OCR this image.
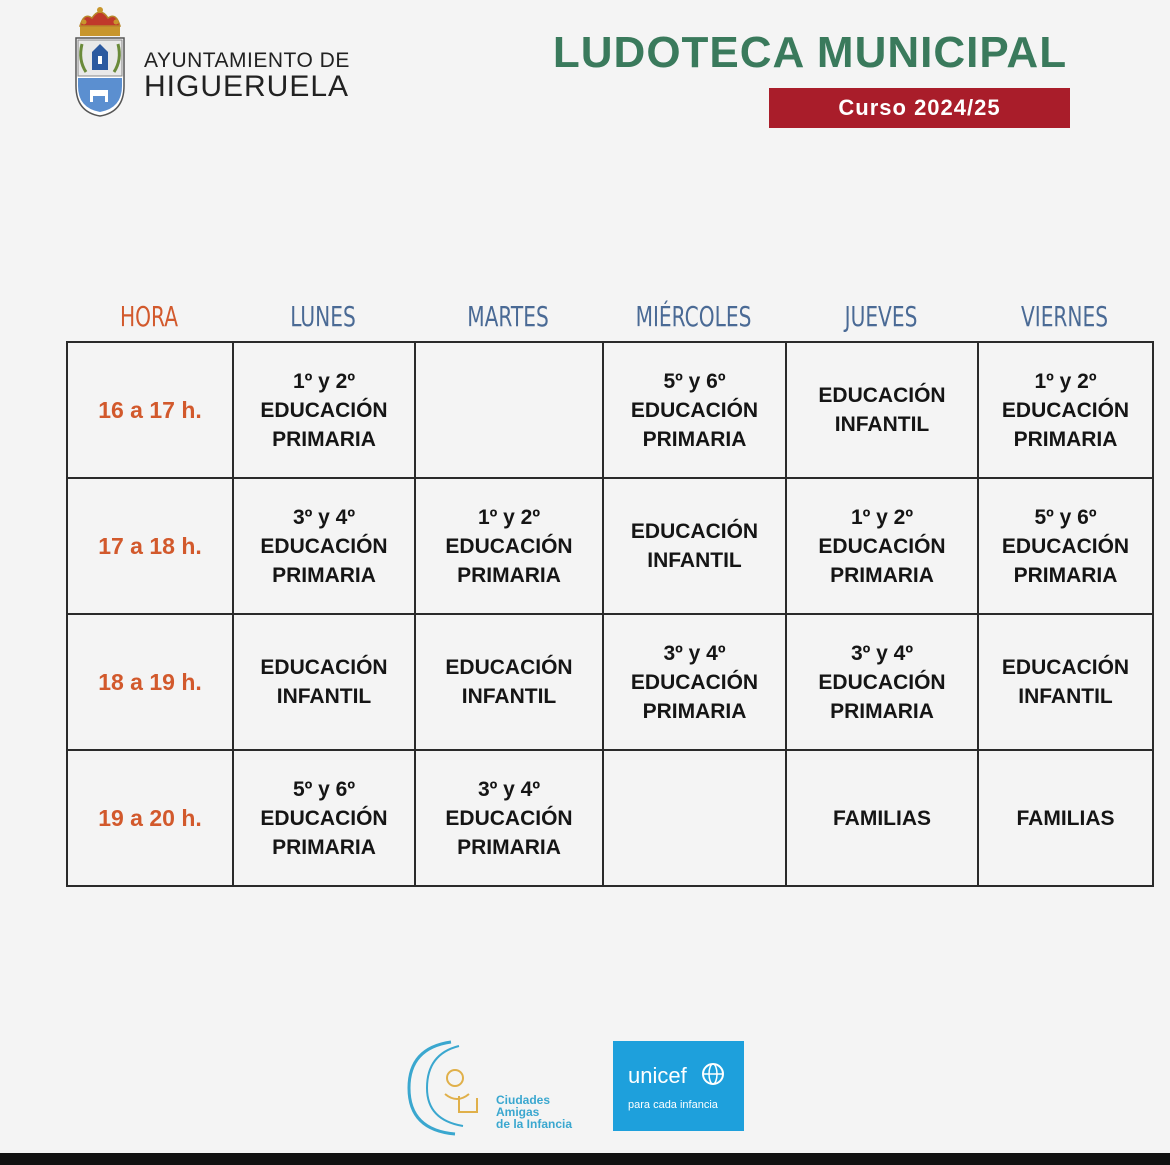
AYUNTAMIENTO DE
HIGUERUELA
LUDOTECA MUNICIPAL
Curso 2024/25
HORA	LUNES	MARTES	MIÉRCOLES	JUEVES	VIERNES
16 a 17 h.	1º y 2º
EDUCACIÓN
PRIMARIA		5º y 6º
EDUCACIÓN
PRIMARIA	EDUCACIÓN
INFANTIL	1º y 2º
EDUCACIÓN
PRIMARIA

17 a 18 h.	3º y 4º
EDUCACIÓN
PRIMARIA	1º y 2º
EDUCACIÓN
PRIMARIA	EDUCACIÓN
INFANTIL	1º y 2º
EDUCACIÓN
PRIMARIA	5º y 6º
EDUCACIÓN
PRIMARIA

18 a 19 h.	EDUCACIÓN
INFANTIL	EDUCACIÓN
INFANTIL	3º y 4º
EDUCACIÓN
PRIMARIA	3º y 4º
EDUCACIÓN
PRIMARIA	EDUCACIÓN
INFANTIL

19 a 20 h.	5º y 6º
EDUCACIÓN
PRIMARIA	3º y 4º
EDUCACIÓN
PRIMARIA		FAMILIAS	FAMILIAS
Ciudades
Amigas
de la Infancia
unicef
para cada infancia
